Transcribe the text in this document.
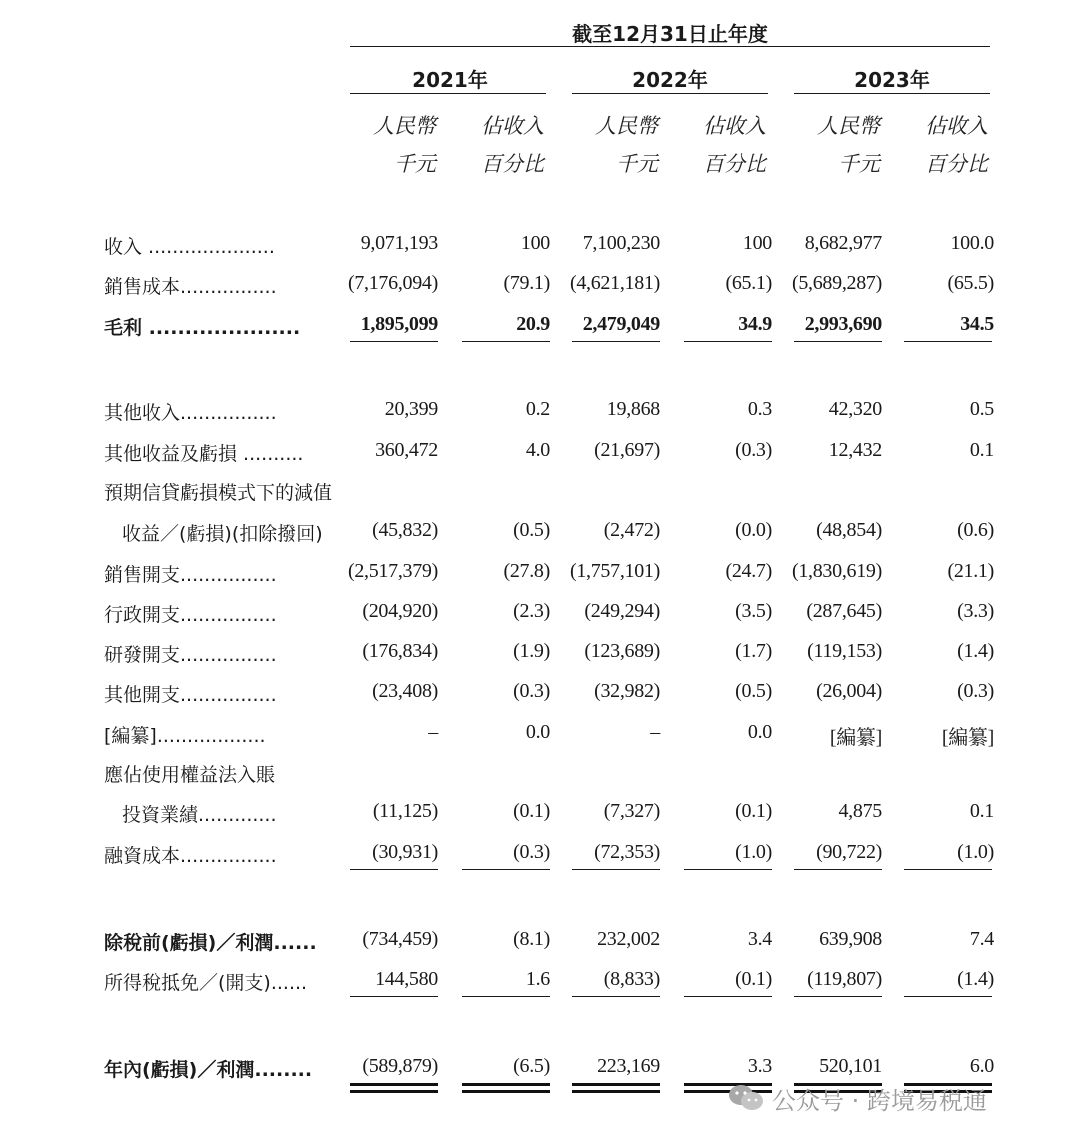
截至12月31日止年度
2021年	2022年	2023年
人民幣	佔收入	人民幣	佔收入	人民幣	佔收入
千元	百分比	千元	百分比	千元	百分比
收入 .....................	9,071,193	100	7,100,230	100	8,682,977	100.0
銷售成本................	(7,176,094)	(79.1) (4,621,181)	(65.1) (5,689,287)	(65.5)
毛利 .....................	1,895,099	20.9	2,479,049	34.9	2,993,690	34.5
其他收入................	20,399	0.2	19,868	0.3	42,320	0.5
其他收益及虧損 ..........	360,472	4.0	(21,697)	(0.3)	12,432	0.1
預期信貸虧損模式下的減值
收益／(虧損)(扣除撥回)	(45,832)	(0.5)	(2,472)	(0.0)	(48,854)	(0.6)
銷售開支................	(2,517,379)	(27.8) (1,757,101)	(24.7) (1,830,619)	(21.1)
行政開支................	(204,920)	(2.3)	(249,294)	(3.5)	(287,645)	(3.3)
研發開支................	(176,834)	(1.9)	(123,689)	(1.7)	(119,153)	(1.4)
其他開支................	(23,408)	(0.3)	(32,982)	(0.5)	(26,004)	(0.3)
[編纂]..................	–	0.0	–	0.0	[編纂]	[編纂]
應佔使用權益法入賬
投資業績.............	(11,125)	(0.1)	(7,327)	(0.1)	4,875	0.1
融資成本................	(30,931)	(0.3)	(72,353)	(1.0)	(90,722)	(1.0)
除稅前(虧損)／利潤......	(734,459)	(8.1)	232,002	3.4	639,908	7.4
所得稅抵免／(開支)......	144,580	1.6	(8,833)	(0.1)	(119,807)	(1.4)
年內(虧損)／利潤........	(589,879)	(6.5)	223,169	3.3	520,101	6.0
公众号 · 跨境易税通
